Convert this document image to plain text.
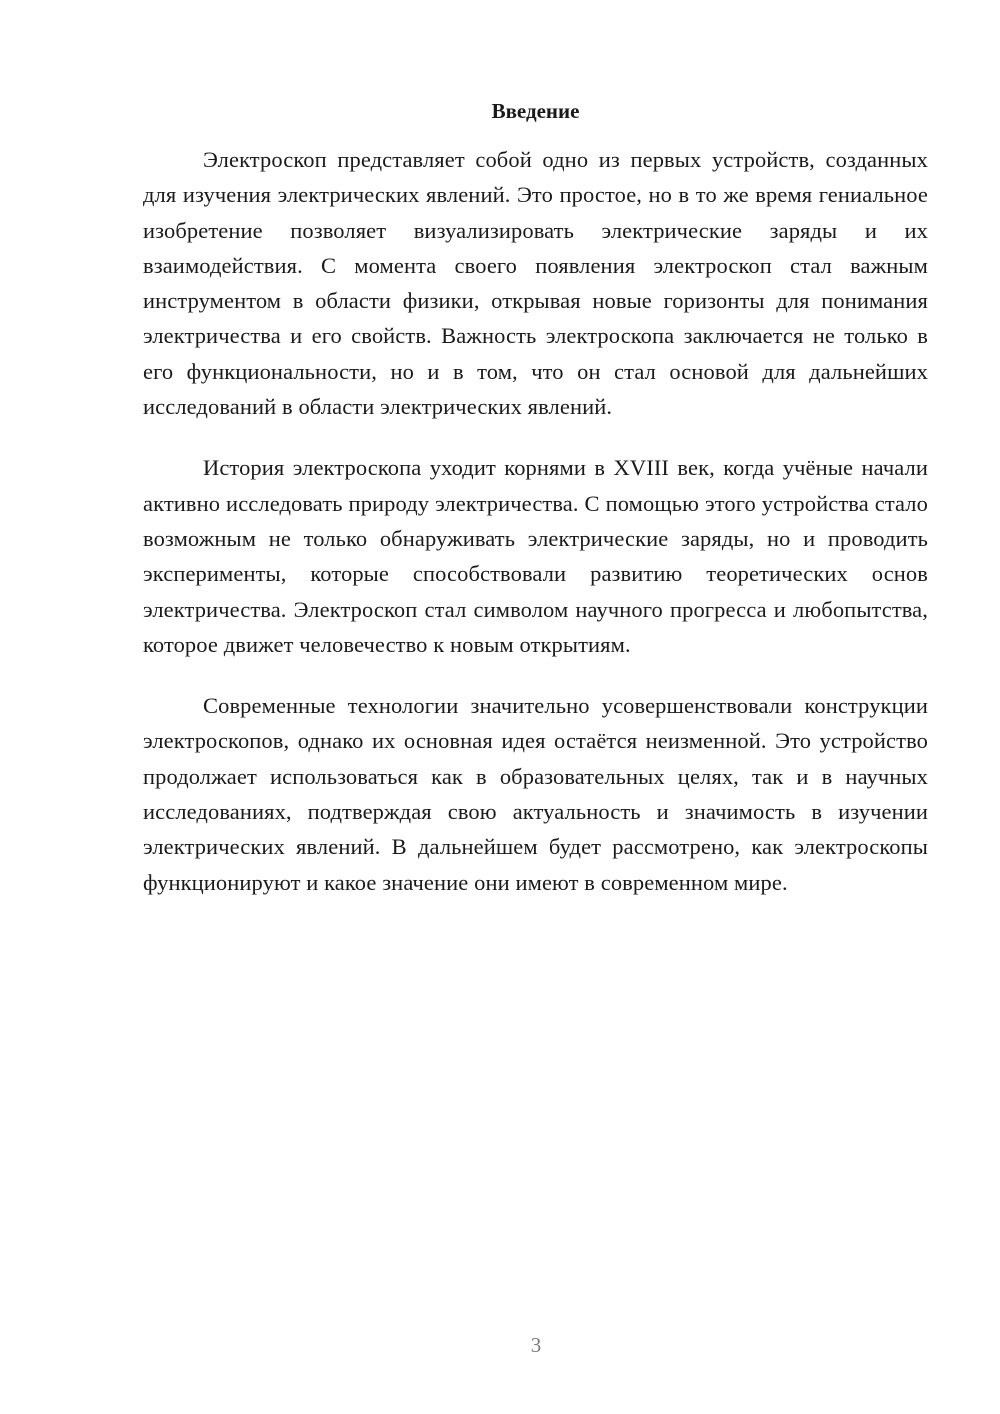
Введение

Электроскоп представляет собой одно из первых устройств, созданных для изучения электрических явлений. Это простое, но в то же время гениальное изобретение позволяет визуализировать электрические заряды и их взаимодействия. С момента своего появления электроскоп стал важным инструментом в области физики, открывая новые горизонты для понимания электричества и его свойств. Важность электроскопа заключается не только в его функциональности, но и в том, что он стал основой для дальнейших исследований в области электрических явлений.

История электроскопа уходит корнями в XVIII век, когда учёные начали активно исследовать природу электричества. С помощью этого устройства стало возможным не только обнаруживать электрические заряды, но и проводить эксперименты, которые способствовали развитию теоретических основ электричества. Электроскоп стал символом научного прогресса и любопытства, которое движет человечество к новым открытиям.

Современные технологии значительно усовершенствовали конструкции электроскопов, однако их основная идея остаётся неизменной. Это устройство продолжает использоваться как в образовательных целях, так и в научных исследованиях, подтверждая свою актуальность и значимость в изучении электрических явлений. В дальнейшем будет рассмотрено, как электроскопы функционируют и какое значение они имеют в современном мире.

3
